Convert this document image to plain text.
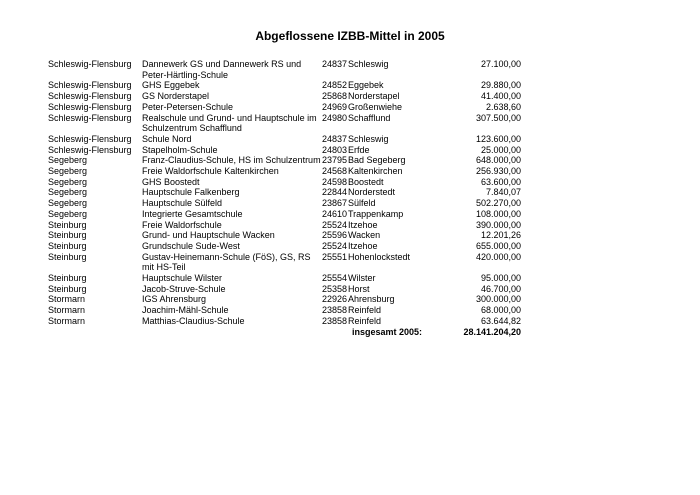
Abgeflossene IZBB-Mittel in 2005
Schleswig-Flensburg	Dannewerk GS und Dannewerk RS und Peter-Härtling-Schule	24837	Schleswig	27.100,00
Schleswig-Flensburg	GHS Eggebek	24852	Eggebek	29.880,00
Schleswig-Flensburg	GS Norderstapel	25868	Norderstapel	41.400,00
Schleswig-Flensburg	Peter-Petersen-Schule	24969	Großenwiehe	2.638,60
Schleswig-Flensburg	Realschule und Grund- und Hauptschule im Schulzentrum Schafflund	24980	Schafflund	307.500,00
Schleswig-Flensburg	Schule Nord	24837	Schleswig	123.600,00
Schleswig-Flensburg	Stapelholm-Schule	24803	Erfde	25.000,00
Segeberg	Franz-Claudius-Schule, HS im Schulzentrum	23795	Bad Segeberg	648.000,00
Segeberg	Freie Waldorfschule Kaltenkirchen	24568	Kaltenkirchen	256.930,00
Segeberg	GHS Boostedt	24598	Boostedt	63.600,00
Segeberg	Hauptschule Falkenberg	22844	Norderstedt	7.840,07
Segeberg	Hauptschule Sülfeld	23867	Sülfeld	502.270,00
Segeberg	Integrierte Gesamtschule	24610	Trappenkamp	108.000,00
Steinburg	Freie Waldorfschule	25524	Itzehoe	390.000,00
Steinburg	Grund- und Hauptschule Wacken	25596	Wacken	12.201,26
Steinburg	Grundschule Sude-West	25524	Itzehoe	655.000,00
Steinburg	Gustav-Heinemann-Schule (FöS), GS, RS mit HS-Teil	25551	Hohenlockstedt	420.000,00
Steinburg	Hauptschule Wilster	25554	Wilster	95.000,00
Steinburg	Jacob-Struve-Schule	25358	Horst	46.700,00
Stormarn	IGS Ahrensburg	22926	Ahrensburg	300.000,00
Stormarn	Joachim-Mähl-Schule	23858	Reinfeld	68.000,00
Stormarn	Matthias-Claudius-Schule	23858	Reinfeld	63.644,82
			insgesamt 2005:	28.141.204,20
